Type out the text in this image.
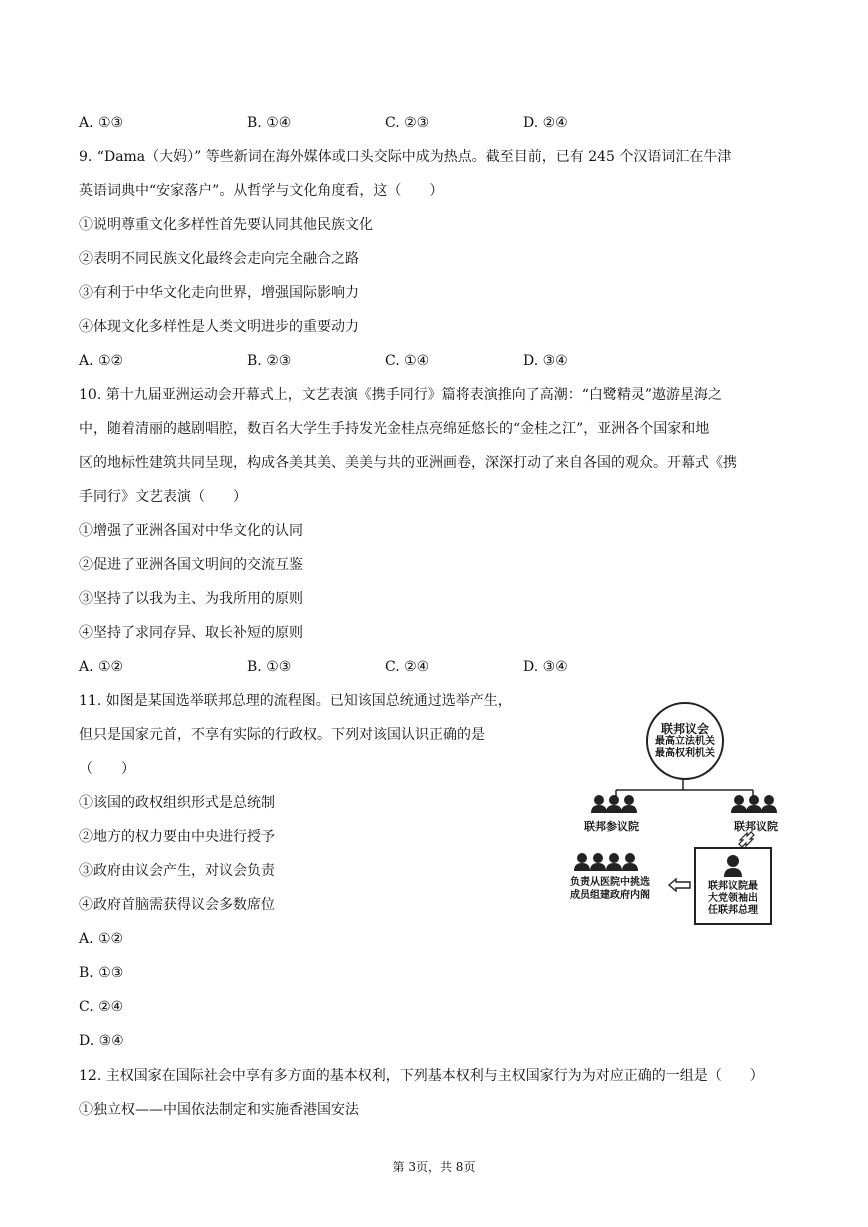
A. ①③	B. ①④	C. ②③	D. ②④
9. “Dama（大妈）” 等些新词在海外媒体或口头交际中成为热点。截至目前，已有 245 个汉语词汇在牛津
英语词典中“安家落户”。从哲学与文化角度看，这（　　）
①说明尊重文化多样性首先要认同其他民族文化
②表明不同民族文化最终会走向完全融合之路
③有利于中华文化走向世界，增强国际影响力
④体现文化多样性是人类文明进步的重要动力
A. ①②	B. ②③	C. ①④	D. ③④
10. 第十九届亚洲运动会开幕式上，文艺表演《携手同行》篇将表演推向了高潮：“白鹭精灵”遨游星海之
中，随着清丽的越剧唱腔，数百名大学生手持发光金桂点亮绵延悠长的“金桂之江”，亚洲各个国家和地
区的地标性建筑共同呈现，构成各美其美、美美与共的亚洲画卷，深深打动了来自各国的观众。开幕式《携
手同行》文艺表演（　　）
①增强了亚洲各国对中华文化的认同
②促进了亚洲各国文明间的交流互鉴
③坚持了以我为主、为我所用的原则
④坚持了求同存异、取长补短的原则
A. ①②	B. ①③	C. ②④	D. ③④
11. 如图是某国选举联邦总理的流程图。已知该国总统通过选举产生，
但只是国家元首，不享有实际的行政权。下列对该国认识正确的是
（　　）
①该国的政权组织形式是总统制
②地方的权力要由中央进行授予
③政府由议会产生，对议会负责
④政府首脑需获得议会多数席位
A. ①②
B. ①③
C. ②④
D. ③④
联邦议会
最高立法机关
最高权利机关
联邦参议院	联邦议院
负责从医院中挑选
成员组建政府内阁
联邦议院最
大党领袖出
任联邦总理
12. 主权国家在国际社会中享有多方面的基本权利，下列基本权利与主权国家行为为对应正确的一组是（　　）
①独立权——中国依法制定和实施香港国安法
第 3页，共 8页
